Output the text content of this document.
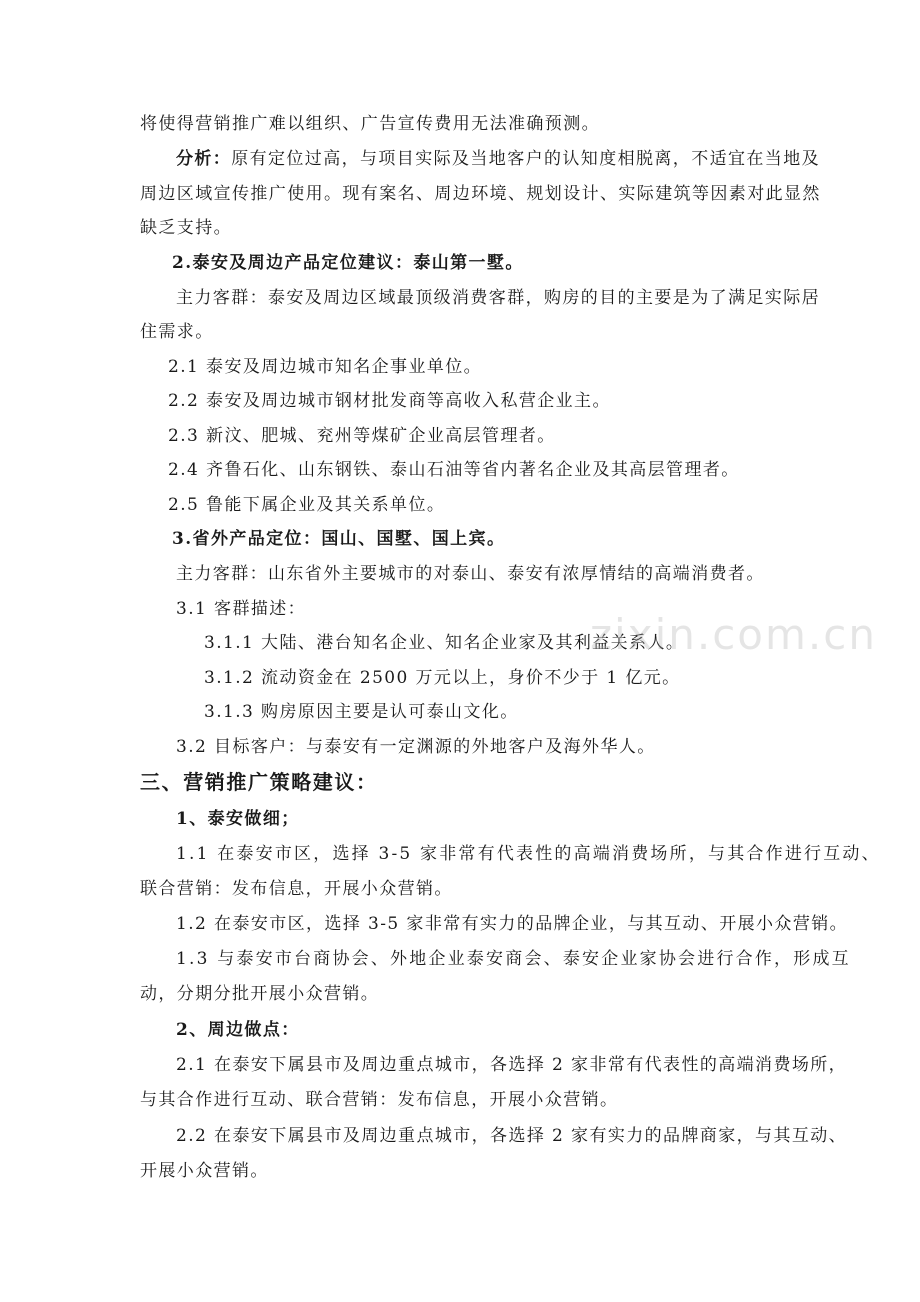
将使得营销推广难以组织、广告宣传费用无法准确预测。
分析：原有定位过高，与项目实际及当地客户的认知度相脱离，不适宜在当地及
周边区域宣传推广使用。现有案名、周边环境、规划设计、实际建筑等因素对此显然
缺乏支持。
2.泰安及周边产品定位建议：泰山第一墅。
主力客群：泰安及周边区域最顶级消费客群，购房的目的主要是为了满足实际居
住需求。
2.1 泰安及周边城市知名企事业单位。
2.2 泰安及周边城市钢材批发商等高收入私营企业主。
2.3 新汶、肥城、兖州等煤矿企业高层管理者。
2.4 齐鲁石化、山东钢铁、泰山石油等省内著名企业及其高层管理者。
2.5 鲁能下属企业及其关系单位。
3.省外产品定位：国山、国墅、国上宾。
主力客群：山东省外主要城市的对泰山、泰安有浓厚情结的高端消费者。
3.1 客群描述：
3.1.1 大陆、港台知名企业、知名企业家及其利益关系人。
3.1.2 流动资金在 2500 万元以上，身价不少于 1 亿元。
3.1.3 购房原因主要是认可泰山文化。
3.2 目标客户：与泰安有一定渊源的外地客户及海外华人。
三、营销推广策略建议：
1、泰安做细；
1.1 在泰安市区，选择 3-5 家非常有代表性的高端消费场所，与其合作进行互动、
联合营销：发布信息，开展小众营销。
1.2 在泰安市区，选择 3-5 家非常有实力的品牌企业，与其互动、开展小众营销。
1.3 与泰安市台商协会、外地企业泰安商会、泰安企业家协会进行合作，形成互
动，分期分批开展小众营销。
2、周边做点：
2.1 在泰安下属县市及周边重点城市，各选择 2 家非常有代表性的高端消费场所，
与其合作进行互动、联合营销：发布信息，开展小众营销。
2.2 在泰安下属县市及周边重点城市，各选择 2 家有实力的品牌商家，与其互动、
开展小众营销。
zixin.com.cn
